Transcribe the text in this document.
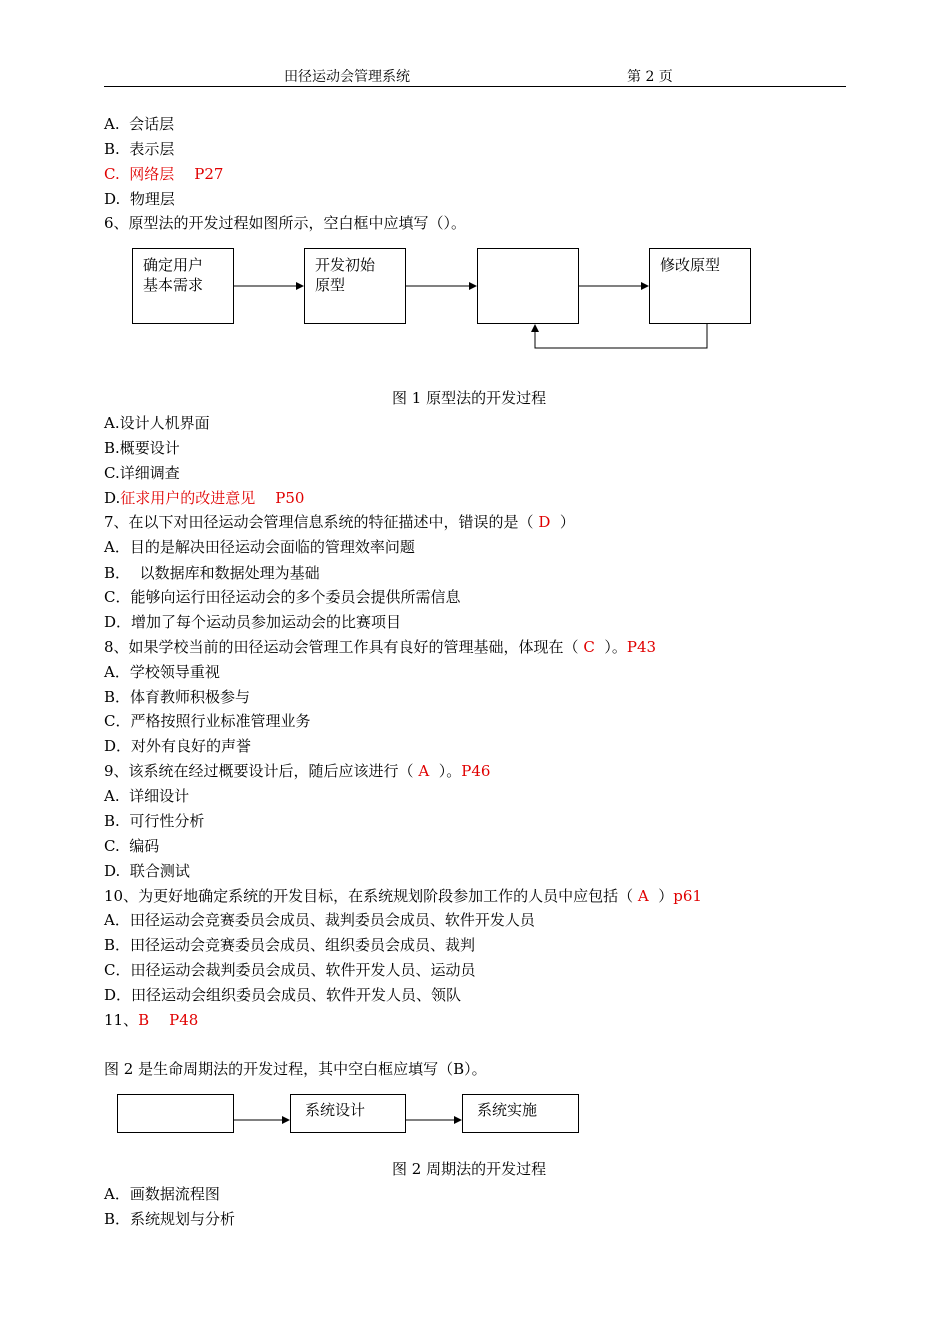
田径运动会管理系统	第 2 页
A. 会话层
B. 表示层
C. 网络层 P27
D. 物理层
6、原型法的开发过程如图所示，空白框中应填写（）。
确定用户
基本需求
开发初始
原型
修改原型
图 1 原型法的开发过程
A.设计人机界面
B.概要设计
C.详细调查
D.征求用户的改进意见 P50
7、在以下对田径运动会管理信息系统的特征描述中，错误的是（ D ）
A．目的是解决田径运动会面临的管理效率问题
B． 以数据库和数据处理为基础
C．能够向运行田径运动会的多个委员会提供所需信息
D．增加了每个运动员参加运动会的比赛项目
8、如果学校当前的田径运动会管理工作具有良好的管理基础，体现在（ C ）。P43
A．学校领导重视
B．体育教师积极参与
C．严格按照行业标准管理业务
D．对外有良好的声誉
9、该系统在经过概要设计后，随后应该进行（ A ）。P46
A. 详细设计
B. 可行性分析
C. 编码
D. 联合测试
10、为更好地确定系统的开发目标，在系统规划阶段参加工作的人员中应包括（ A ）p61
A．田径运动会竞赛委员会成员、裁判委员会成员、软件开发人员
B．田径运动会竞赛委员会成员、组织委员会成员、裁判
C．田径运动会裁判委员会成员、软件开发人员、运动员
D．田径运动会组织委员会成员、软件开发人员、领队
11、B P48
图 2 是生命周期法的开发过程，其中空白框应填写（B）。
系统设计	系统实施
图 2 周期法的开发过程
A．画数据流程图
B．系统规划与分析
